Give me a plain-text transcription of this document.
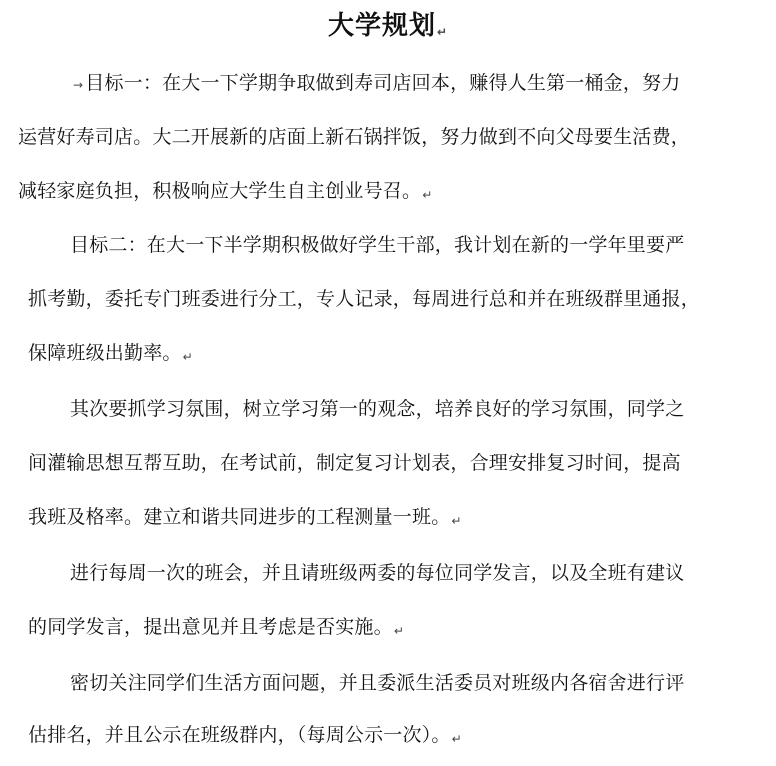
大学规划↵
→ 目标一：在大一下学期争取做到寿司店回本，赚得人生第一桶金，努力
运营好寿司店。大二开展新的店面上新石锅拌饭，努力做到不向父母要生活费，
减轻家庭负担，积极响应大学生自主创业号召。↵
目标二：在大一下半学期积极做好学生干部，我计划在新的一学年里要严
抓考勤，委托专门班委进行分工，专人记录，每周进行总和并在班级群里通报，
保障班级出勤率。↵
其次要抓学习氛围，树立学习第一的观念，培养良好的学习氛围，同学之
间灌输思想互帮互助，在考试前，制定复习计划表，合理安排复习时间，提高
我班及格率。建立和谐共同进步的工程测量一班。↵
进行每周一次的班会，并且请班级两委的每位同学发言，以及全班有建议
的同学发言，提出意见并且考虑是否实施。↵
密切关注同学们生活方面问题，并且委派生活委员对班级内各宿舍进行评
估排名，并且公示在班级群内，（每周公示一次）。↵
